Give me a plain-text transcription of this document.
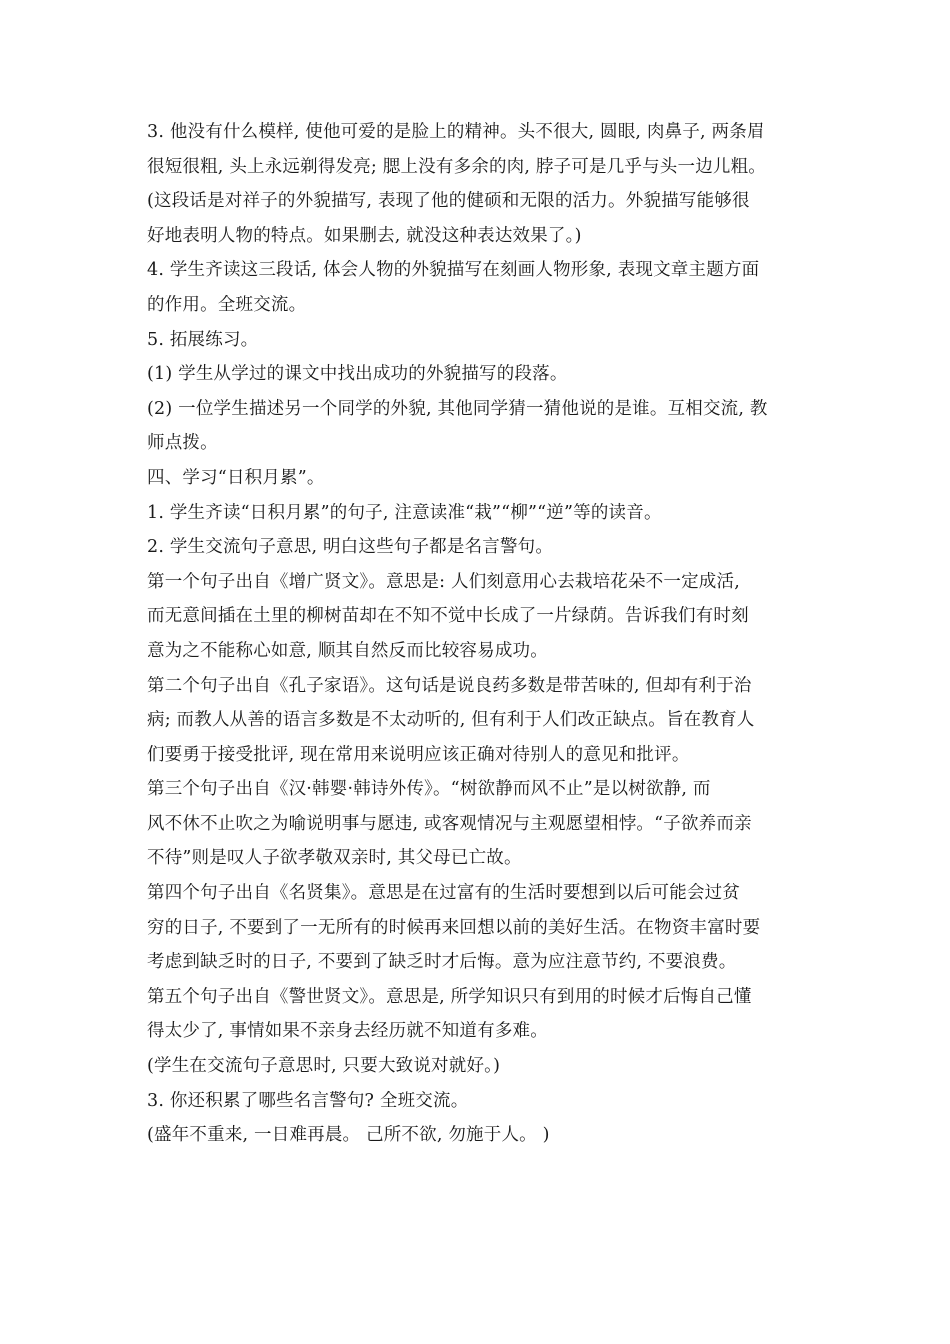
3. 他没有什么模样, 使他可爱的是脸上的精神。头不很大, 圆眼, 肉鼻子, 两条眉
很短很粗, 头上永远剃得发亮; 腮上没有多余的肉, 脖子可是几乎与头一边儿粗。
(这段话是对祥子的外貌描写, 表现了他的健硕和无限的活力。外貌描写能够很
好地表明人物的特点。如果删去, 就没这种表达效果了。)
4. 学生齐读这三段话, 体会人物的外貌描写在刻画人物形象, 表现文章主题方面
的作用。全班交流。
5. 拓展练习。
(1) 学生从学过的课文中找出成功的外貌描写的段落。
(2) 一位学生描述另一个同学的外貌, 其他同学猜一猜他说的是谁。互相交流, 教
师点拨。
四、学习“日积月累”。
1. 学生齐读“日积月累”的句子, 注意读准“栽”“柳”“逆”等的读音。
2. 学生交流句子意思, 明白这些句子都是名言警句。
第一个句子出自《增广贤文》。意思是: 人们刻意用心去栽培花朵不一定成活,
而无意间插在土里的柳树苗却在不知不觉中长成了一片绿荫。告诉我们有时刻
意为之不能称心如意, 顺其自然反而比较容易成功。
第二个句子出自《孔子家语》。这句话是说良药多数是带苦味的, 但却有利于治
病; 而教人从善的语言多数是不太动听的, 但有利于人们改正缺点。旨在教育人
们要勇于接受批评, 现在常用来说明应该正确对待别人的意见和批评。
第三个句子出自《汉·韩婴·韩诗外传》。“树欲静而风不止”是以树欲静, 而
风不休不止吹之为喻说明事与愿违, 或客观情况与主观愿望相悖。“子欲养而亲
不待”则是叹人子欲孝敬双亲时, 其父母已亡故。
第四个句子出自《名贤集》。意思是在过富有的生活时要想到以后可能会过贫
穷的日子, 不要到了一无所有的时候再来回想以前的美好生活。在物资丰富时要
考虑到缺乏时的日子, 不要到了缺乏时才后悔。意为应注意节约, 不要浪费。
第五个句子出自《警世贤文》。意思是, 所学知识只有到用的时候才后悔自己懂
得太少了, 事情如果不亲身去经历就不知道有多难。
(学生在交流句子意思时, 只要大致说对就好。)
3. 你还积累了哪些名言警句? 全班交流。
(盛年不重来, 一日难再晨。 己所不欲, 勿施于人。 )
